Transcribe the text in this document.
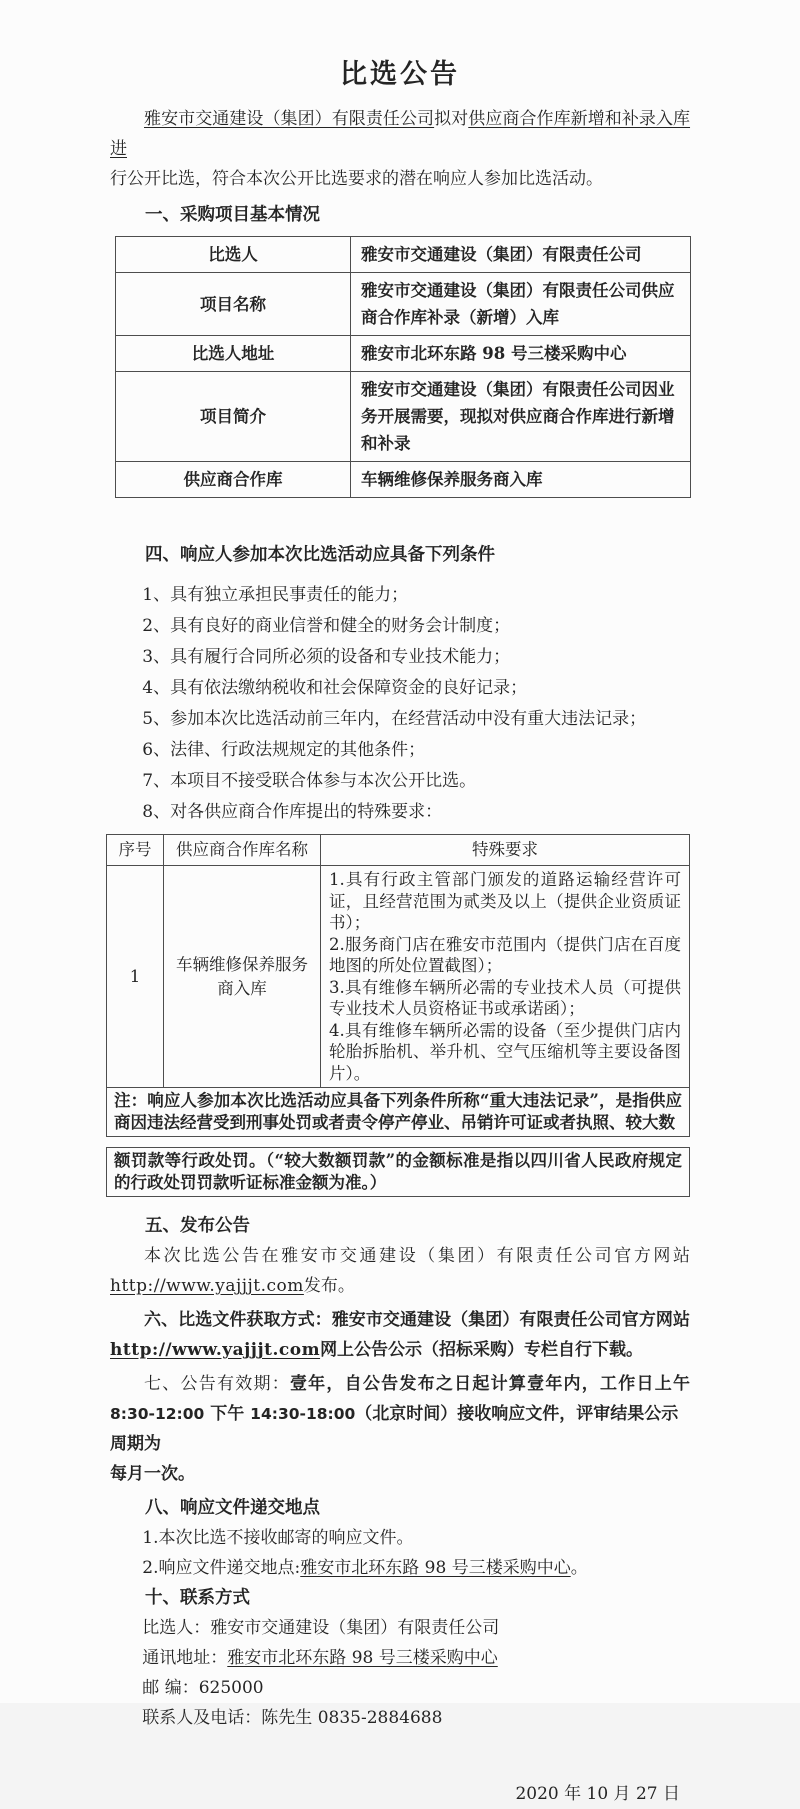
比选公告

雅安市交通建设（集团）有限责任公司拟对供应商合作库新增和补录入库进

行公开比选，符合本次公开比选要求的潜在响应人参加比选活动。

一、采购项目基本情况
比选人	雅安市交通建设（集团）有限责任公司
项目名称	雅安市交通建设（集团）有限责任公司供应商合作库补录（新增）入库
比选人地址	雅安市北环东路 98 号三楼采购中心
项目简介	雅安市交通建设（集团）有限责任公司因业务开展需要，现拟对供应商合作库进行新增和补录
供应商合作库	车辆维修保养服务商入库
四、响应人参加本次比选活动应具备下列条件
1、具有独立承担民事责任的能力；
2、具有良好的商业信誉和健全的财务会计制度；
3、具有履行合同所必须的设备和专业技术能力；
4、具有依法缴纳税收和社会保障资金的良好记录；
5、参加本次比选活动前三年内，在经营活动中没有重大违法记录；
6、法律、行政法规规定的其他条件；
7、本项目不接受联合体参与本次公开比选。
8、对各供应商合作库提出的特殊要求：
序号	供应商合作库名称	特殊要求
1	车辆维修保养服务商入库	1.具有行政主管部门颁发的道路运输经营许可证，且经营范围为贰类及以上（提供企业资质证书）；
2.服务商门店在雅安市范围内（提供门店在百度地图的所处位置截图）；
3.具有维修车辆所必需的专业技术人员（可提供专业技术人员资格证书或承诺函）；
4.具有维修车辆所必需的设备（至少提供门店内轮胎拆胎机、举升机、空气压缩机等主要设备图片）。

注：响应人参加本次比选活动应具备下列条件所称“重大违法记录”，是指供应商因违法经营受到刑事处罚或者责令停产停业、吊销许可证或者执照、较大数		
额罚款等行政处罚。（“较大数额罚款”的金额标准是指以四川省人民政府规定的行政处罚罚款听证标准金额为准。）
五、发布公告

本次比选公告在雅安市交通建设（集团）有限责任公司官方网站

http://www.yajjjt.com发布。

六、比选文件获取方式：雅安市交通建设（集团）有限责任公司官方网站

http://www.yajjjt.com网上公告公示（招标采购）专栏自行下载。

七、公告有效期：壹年，自公告发布之日起计算壹年内，工作日上午

8:30-12:00 下午 14:30-18:00（北京时间）接收响应文件，评审结果公示周期为

每月一次。

八、响应文件递交地点

1.本次比选不接收邮寄的响应文件。

2.响应文件递交地点:雅安市北环东路 98 号三楼采购中心。

十、联系方式

比选人：雅安市交通建设（集团）有限责任公司

通讯地址：雅安市北环东路 98 号三楼采购中心

邮 编：625000

联系人及电话：陈先生 0835-2884688

2020 年 10 月 27 日
